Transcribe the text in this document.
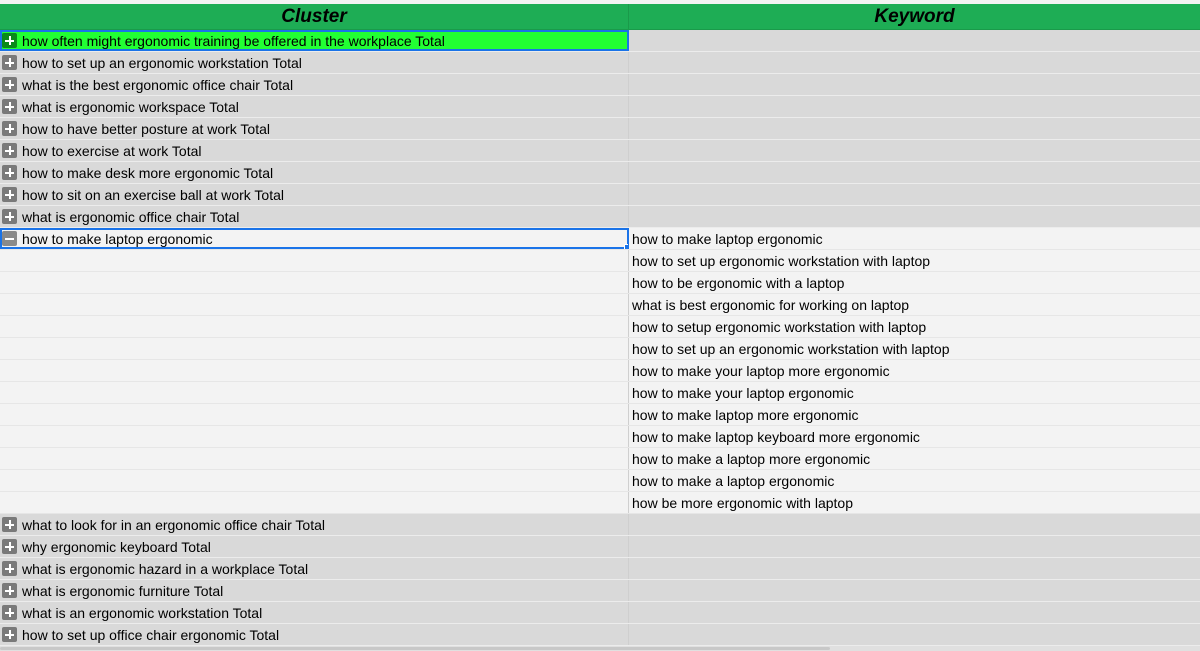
Cluster	Keyword
how often might ergonomic training be offered in the workplace Total
how to set up an ergonomic workstation Total
what is the best ergonomic office chair Total
what is ergonomic workspace Total
how to have better posture at work Total
how to exercise at work Total
how to make desk more ergonomic Total
how to sit on an exercise ball at work Total
what is ergonomic office chair Total
how to make laptop ergonomic	how to make laptop ergonomic
how to set up ergonomic workstation with laptop
how to be ergonomic with a laptop
what is best ergonomic for working on laptop
how to setup ergonomic workstation with laptop
how to set up an ergonomic workstation with laptop
how to make your laptop more ergonomic
how to make your laptop ergonomic
how to make laptop more ergonomic
how to make laptop keyboard more ergonomic
how to make a laptop more ergonomic
how to make a laptop ergonomic
how be more ergonomic with laptop
what to look for in an ergonomic office chair Total
why ergonomic keyboard Total
what is ergonomic hazard in a workplace Total
what is ergonomic furniture Total
what is an ergonomic workstation Total
how to set up office chair ergonomic Total
